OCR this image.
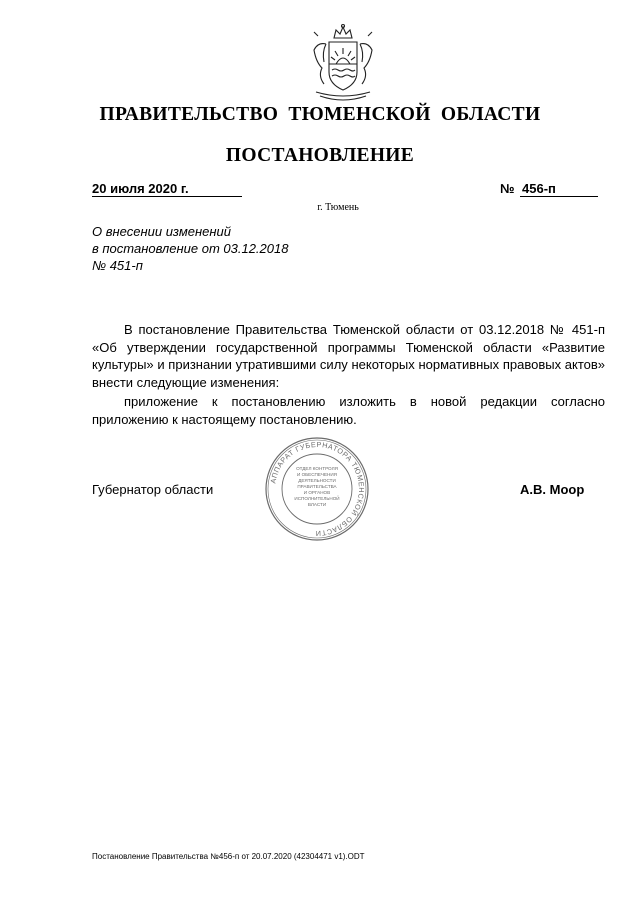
ПРАВИТЕЛЬСТВО ТЮМЕНСКОЙ ОБЛАСТИ
ПОСТАНОВЛЕНИЕ
20 июля 2020 г.	№ 456-п
г. Тюмень
О внесении изменений
в постановление от 03.12.2018
№ 451-п
В постановление Правительства Тюменской области от 03.12.2018 № 451-п «Об утверждении государственной программы Тюменской области «Развитие культуры» и признании утратившими силу некоторых нормативных правовых актов» внести следующие изменения:
приложение к постановлению изложить в новой редакции согласно приложению к настоящему постановлению.
Губернатор области	А.В. Моор
АППАРАТ ГУБЕРНАТОРА ТЮМЕНСКОЙ ОБЛАСТИ
ОТДЕЛ КОНТРОЛЯ
И ОБЕСПЕЧЕНИЯ
ДЕЯТЕЛЬНОСТИ
ПРАВИТЕЛЬСТВА
И ОРГАНОВ
ИСПОЛНИТЕЛЬНОЙ
ВЛАСТИ
Постановление Правительства №456-п от 20.07.2020 (42304471 v1).ODT
